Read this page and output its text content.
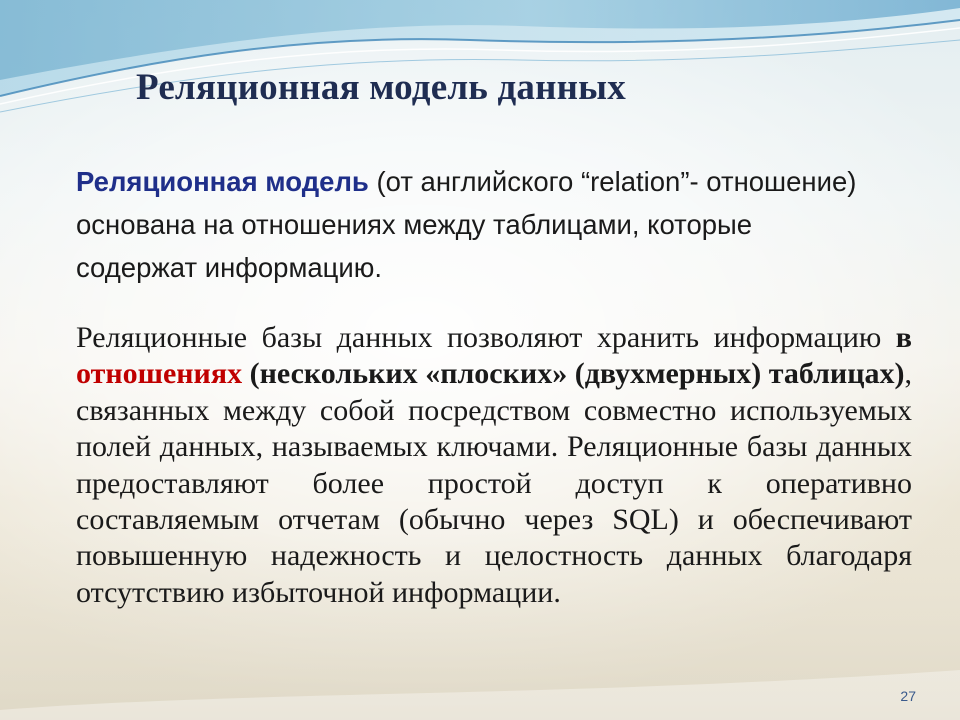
Реляционная модель данных

Реляционная модель (от английского “relation”- отношение) основана на отношениях между таблицами, которые содержат информацию.

Реляционные базы данных позволяют хранить информацию в отношениях (нескольких «плоских» (двухмерных) таблицах), связанных между собой посредством совместно используемых полей данных, называемых ключами. Реляционные базы данных предоставляют более простой доступ к оперативно составляемым отчетам (обычно через SQL) и обеспечивают повышенную надежность и целостность данных благодаря отсутствию избыточной информации.

27
